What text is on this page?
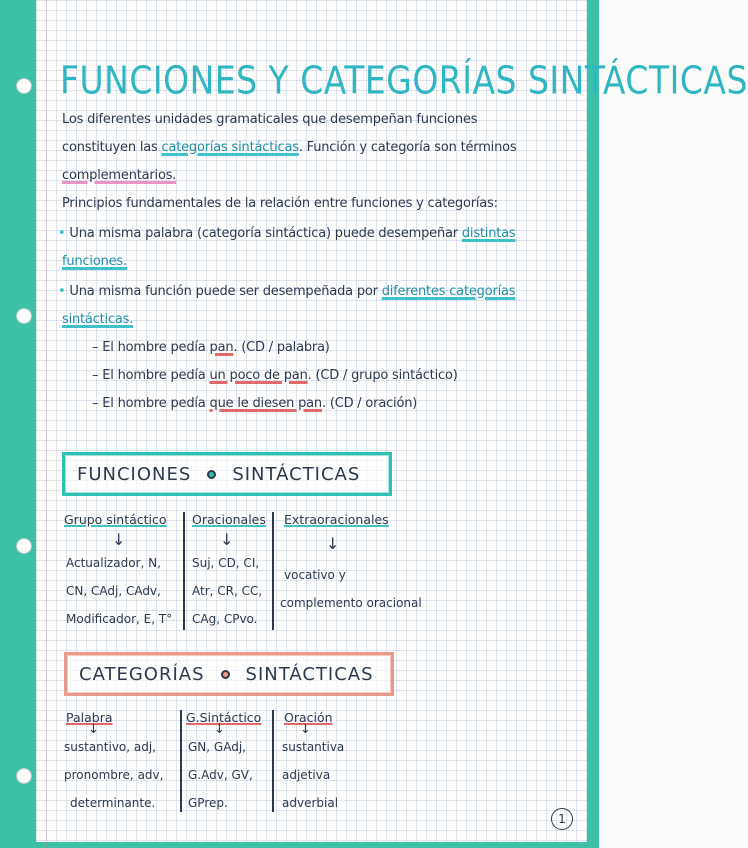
FUNCIONES Y CATEGORÍAS SINTÁCTICAS
Los diferentes unidades gramaticales que desempeñan funciones
constituyen las categorías sintácticas. Función y categoría son términos
complementarios.
Principios fundamentales de la relación entre funciones y categorías:
• Una misma palabra (categoría sintáctica) puede desempeñar distintas
funciones.
• Una misma función puede ser desempeñada por diferentes categorías
sintácticas.
– El hombre pedía pan. (CD / palabra)
– El hombre pedía un poco de pan. (CD / grupo sintáctico)
– El hombre pedía que le diesen pan. (CD / oración)
FUNCIONES SINTÁCTICAS
Grupo sintáctico
↓
Actualizador, N,
CN, CAdj, CAdv,
Modificador, E, T°
Oracionales
↓
Suj, CD, CI,
Atr, CR, CC,
CAg, CPvo.
Extraoracionales
↓
vocativo y
complemento oracional
CATEGORÍAS SINTÁCTICAS
Palabra
↓
sustantivo, adj,
pronombre, adv,
determinante.
G.Sintáctico
↓
GN, GAdj,
G.Adv, GV,
GPrep.
Oración
↓
sustantiva
adjetiva
adverbial
1
